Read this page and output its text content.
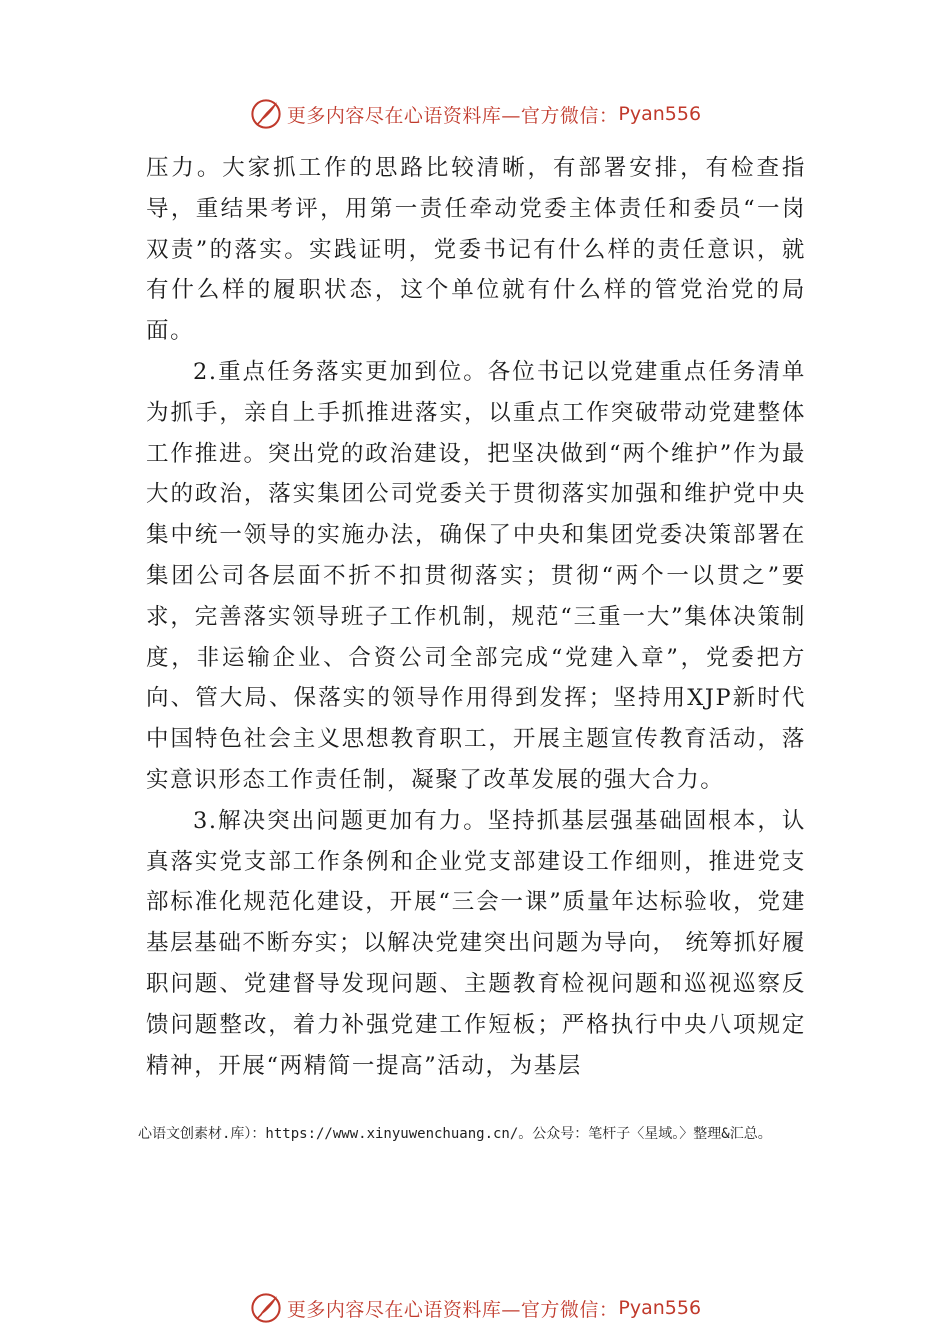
更多内容尽在心语资料库—官方微信： Pyan556

压力。大家抓工作的思路比较清晰，有部署安排，有检查指导，重结果考评，用第一责任牵动党委主体责任和委员“一岗双责”的落实。实践证明，党委书记有什么样的责任意识，就有什么样的履职状态，这个单位就有什么样的管党治党的局面。

2.重点任务落实更加到位。各位书记以党建重点任务清单为抓手，亲自上手抓推进落实，以重点工作突破带动党建整体工作推进。突出党的政治建设，把坚决做到“两个维护”作为最大的政治，落实集团公司党委关于贯彻落实加强和维护党中央集中统一领导的实施办法，确保了中央和集团党委决策部署在集团公司各层面不折不扣贯彻落实；贯彻“两个一以贯之”要求，完善落实领导班子工作机制，规范“三重一大”集体决策制度，非运输企业、合资公司全部完成“党建入章”，党委把方向、管大局、保落实的领导作用得到发挥；坚持用XJP新时代中国特色社会主义思想教育职工，开展主题宣传教育活动，落实意识形态工作责任制，凝聚了改革发展的强大合力。

3.解决突出问题更加有力。坚持抓基层强基础固根本，认真落实党支部工作条例和企业党支部建设工作细则，推进党支部标准化规范化建设，开展“三会一课”质量年达标验收，党建基层基础不断夯实；以解决党建突出问题为导向， 统筹抓好履职问题、党建督导发现问题、主题教育检视问题和巡视巡察反馈问题整改，着力补强党建工作短板；严格执行中央八项规定精神，开展“两精简一提高”活动，为基层

心语文创素材.库）：https://www.xinyuwenchuang.cn/。公众号：笔杆子〈星域。〉整理&汇总。
更多内容尽在心语资料库—官方微信： Pyan556
